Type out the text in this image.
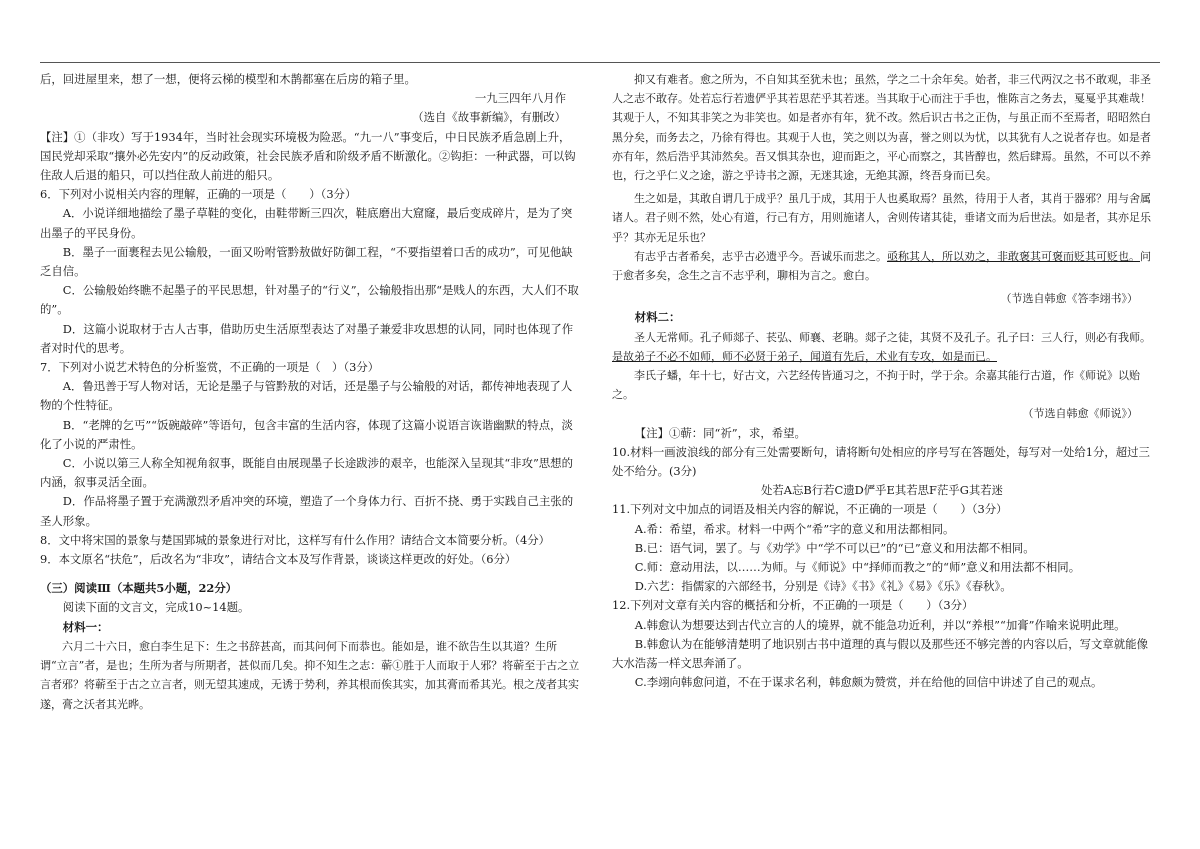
后，回进屋里来，想了一想，便将云梯的模型和木鹊都塞在后房的箱子里。

一九三四年八月作

（选自《故事新编》，有删改）

【注】①（非攻）写于1934年，当时社会现实环境极为险恶。“九一八”事变后，中日民族矛盾急剧上升，国民党却采取“攘外必先安内”的反动政策，社会民族矛盾和阶级矛盾不断激化。②钩拒：一种武器，可以钩住敌人后退的船只，可以挡住敌人前进的船只。

6．下列对小说相关内容的理解，正确的一项是（　　）（3分）

A．小说详细地描绘了墨子草鞋的变化，由鞋带断三四次，鞋底磨出大窟窿，最后变成碎片，是为了突出墨子的平民身份。

B．墨子一面裹程去见公输般，一面又吩咐管黔敖做好防御工程，“不要指望着口舌的成功”，可见他缺乏自信。

C．公输般始终瞧不起墨子的平民思想，针对墨子的“行义”，公输般指出那“是贱人的东西，大人们不取的”。

D．这篇小说取材于古人古事，借助历史生活原型表达了对墨子兼爱非攻思想的认同，同时也体现了作者对时代的思考。

7．下列对小说艺术特色的分析鉴赏，不正确的一项是（　）（3分）

A．鲁迅善于写人物对话，无论是墨子与管黔敖的对话，还是墨子与公输般的对话，都传神地表现了人物的个性特征。

B．“老牌的乞丐”“饭碗敲碎”等语句，包含丰富的生活内容，体现了这篇小说语言诙谐幽默的特点，淡化了小说的严肃性。

C．小说以第三人称全知视角叙事，既能自由展现墨子长途跋涉的艰辛，也能深入呈现其“非攻”思想的内涵，叙事灵活全面。

D．作品将墨子置于充满激烈矛盾冲突的环境，塑造了一个身体力行、百折不挠、勇于实践自己主张的圣人形象。

8．文中将宋国的景象与楚国郢城的景象进行对比，这样写有什么作用？请结合文本简要分析。（4分）

9．本文原名“扶危”，后改名为“非攻”，请结合文本及写作背景，谈谈这样更改的好处。（6分）

（三）阅读Ⅲ（本题共5小题，22分）

阅读下面的文言文，完成10~14题。

材料一：

六月二十六日，愈白李生足下：生之书辞甚高，而其问何下而恭也。能如是，谁不欲告生以其道？生所谓“立言”者，是也；生所为者与所期者，甚似而几矣。抑不知生之志：蕲①胜于人而取于人邪？将蕲至于古之立言者邪？将蕲至于古之立言者，则无望其速成，无诱于势利，养其根而俟其实，加其膏而希其光。根之茂者其实遂，膏之沃者其光晔。

抑又有难者。愈之所为，不自知其至犹未也；虽然，学之二十余年矣。始者，非三代两汉之书不敢观，非圣人之志不敢存。处若忘行若遗俨乎其若思茫乎其若迷。当其取于心而注于手也，惟陈言之务去，戛戛乎其难哉！其观于人，不知其非笑之为非笑也。如是者亦有年，犹不改。然后识古书之正伪，与虽正而不至焉者，昭昭然白黑分矣，而务去之，乃徐有得也。其观于人也，笑之则以为喜，誉之则以为忧，以其犹有人之说者存也。如是者亦有年，然后浩乎其沛然矣。吾又惧其杂也，迎而距之，平心而察之，其皆醇也，然后肆焉。虽然，不可以不养也，行之乎仁义之途，游之乎诗书之源，无迷其途，无绝其源，终吾身而已矣。

生之如是，其敢自谓几于成乎？虽几于成，其用于人也奚取焉？虽然，待用于人者，其肖于器邪？用与舍属诸人。君子则不然，处心有道，行己有方，用则施诸人，舍则传诸其徒，垂诸文而为后世法。如是者，其亦足乐乎？其亦无足乐也？

有志乎古者希矣，志乎古必遗乎今。吾诚乐而悲之。亟称其人，所以劝之，非敢褒其可褒而贬其可贬也。问于愈者多矣，念生之言不志乎利，聊相为言之。愈白。

（节选自韩愈《答李翊书》）

材料二：

圣人无常师。孔子师郯子、苌弘、师襄、老聃。郯子之徒，其贤不及孔子。孔子曰：三人行，则必有我师。是故弟子不必不如师，师不必贤于弟子，闻道有先后，术业有专攻，如是而已。

李氏子蟠，年十七，好古文，六艺经传皆通习之，不拘于时，学于余。余嘉其能行古道，作《师说》以贻之。

（节选自韩愈《师说》）

【注】①蕲：同“祈”，求，希望。

10.材料一画波浪线的部分有三处需要断句，请将断句处相应的序号写在答题处，每写对一处给1分，超过三处不给分。(3分)

处若A忘B行若C遗D俨乎E其若思F茫乎G其若迷

11.下列对文中加点的词语及相关内容的解说，不正确的一项是（　　）（3分）

A.希：希望，希求。材料一中两个“希”字的意义和用法都相同。

B.已：语气词，罢了。与《劝学》中“学不可以已”的“已”意义和用法都不相同。

C.师：意动用法，以……为师。与《师说》中“择师而教之”的“师”意义和用法都不相同。

D.六艺：指儒家的六部经书，分别是《诗》《书》《礼》《易》《乐》《春秋》。

12.下列对文章有关内容的概括和分析，不正确的一项是（　　）（3分）

A.韩愈认为想要达到古代立言的人的境界，就不能急功近利，并以“养根”“加膏”作喻来说明此理。

B.韩愈认为在能够清楚明了地识别古书中道理的真与假以及那些还不够完善的内容以后，写文章就能像大水浩荡一样文思奔涌了。

C.李翊向韩愈问道，不在于谋求名利，韩愈颇为赞赏，并在给他的回信中讲述了自己的观点。
